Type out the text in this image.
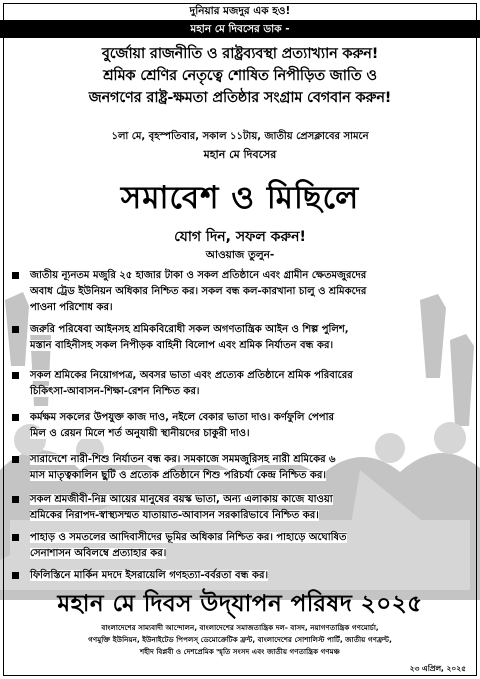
দুনিয়ার মজদুর এক হও!
মহান মে দিবসের ডাক -
বুর্জোয়া রাজনীতি ও রাষ্ট্রব্যবস্থা প্রত্যাখ্যান করুন!
শ্রমিক শ্রেণির নেতৃত্বে শোষিত নিপীড়িত জাতি ও
জনগণের রাষ্ট্র-ক্ষমতা প্রতিষ্ঠার সংগ্রাম বেগবান করুন!
১লা মে, বৃহস্পতিবার, সকাল ১১টায়, জাতীয় প্রেসক্লাবের সামনে
মহান মে দিবসের
সমাবেশ ও মিছিলে
যোগ দিন, সফল করুন!
আওয়াজ তুলুন-
জাতীয় ন্যূনতম মজুরি ২৫ হাজার টাকা ও সকল প্রতিষ্ঠানে এবং গ্রামীন ক্ষেতমজুরদের
অবাধ ট্রেড ইউনিয়ন অধিকার নিশ্চিত কর। সকল বন্ধ কল-কারখানা চালু ও শ্রমিকদের
পাওনা পরিশোধ কর।
জরুরি পরিষেবা আইনসহ শ্রমিকবিরোধী সকল অগণতান্ত্রিক আইন ও শিল্প পুলিশ,
মস্তান বাহিনীসহ সকল নিপীড়ক বাহিনী বিলোপ এবং শ্রমিক নির্যাতন বন্ধ কর।
সকল শ্রমিকের নিয়োগপত্র, অবসর ভাতা এবং প্রত্যেক প্রতিষ্ঠানে শ্রমিক পরিবারের
চিকিৎসা-আবাসন-শিক্ষা-রেশন নিশ্চিত কর।
কর্মক্ষম সকলের উপযুক্ত কাজ দাও, নইলে বেকার ভাতা দাও। কর্ণফুলি পেপার
মিল ও রেয়ন মিলে শর্ত অনুযায়ী স্থানীয়দের চাকুরী দাও।
সারাদেশে নারী-শিশু নির্যাতন বন্ধ কর। সমকাজে সমমজুরিসহ নারী শ্রমিকের ৬
মাস মাতৃত্বকালিন ছুটি ও প্রত্যেক প্রতিষ্ঠানে শিশু পরিচর্যা কেন্দ্র নিশ্চিত কর।
সকল শ্রমজীবী-নিম্ন আয়ের মানুষের বয়স্ক ভাতা, অন্য এলাকায় কাজে যাওয়া
শ্রমিকের নিরাপদ-স্বাস্থ্যসম্মত যাতায়াত-আবাসন সরকারিভাবে নিশ্চিত কর।
পাহাড় ও সমতলের আদিবাসীদের ভূমির অধিকার নিশ্চিত কর। পাহাড়ে অঘোষিত
সেনাশাসন অবিলম্বে প্রত্যাহার কর।
ফিলিস্তিনে মার্কিন মদদে ইসরায়েলি গণহত্যা-বর্বরতা বন্ধ কর।
মহান মে দিবস উদ্‌যাপন পরিষদ ২০২৫
বাংলাদেশের সাম্যবাদী আন্দোলন, বাংলাদেশের সমাজতান্ত্রিক দল- বাসদ, নয়াগণতান্ত্রিক গণমোর্চা,
গণমুক্তি ইউনিয়ন, ইউনাইটেড পিপলস্ ডেমোক্রেটিক ফ্রন্ট, বাংলাদেশের সোশালিস্ট পার্টি, জাতীয় গণফ্রন্ট,
শহীদ বিপ্লবী ও দেশপ্রেমিক স্মৃতি সংসদ এবং জাতীয় গণতান্ত্রিক গণমঞ্চ
২৩ এপ্রিল, ২০২৫
